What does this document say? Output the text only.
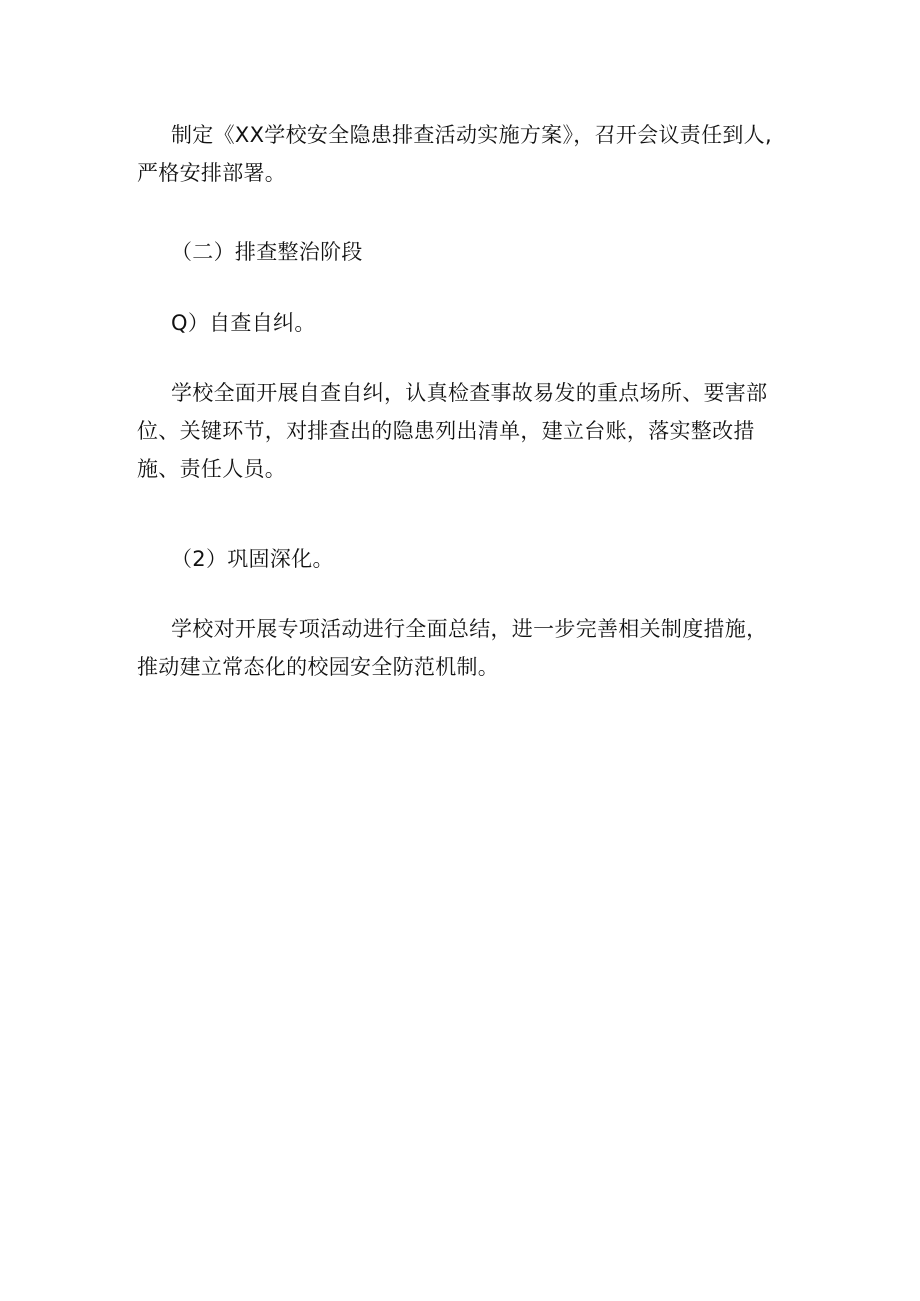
制定《XX学校安全隐患排查活动实施方案》，召开会议责任到人,严格安排部署。

（二）排查整治阶段

Q）自查自纠。

学校全面开展自查自纠，认真检查事故易发的重点场所、要害部位、关键环节，对排查出的隐患列出清单，建立台账，落实整改措施、责任人员。

（2）巩固深化。

学校对开展专项活动进行全面总结，进一步完善相关制度措施，推动建立常态化的校园安全防范机制。
